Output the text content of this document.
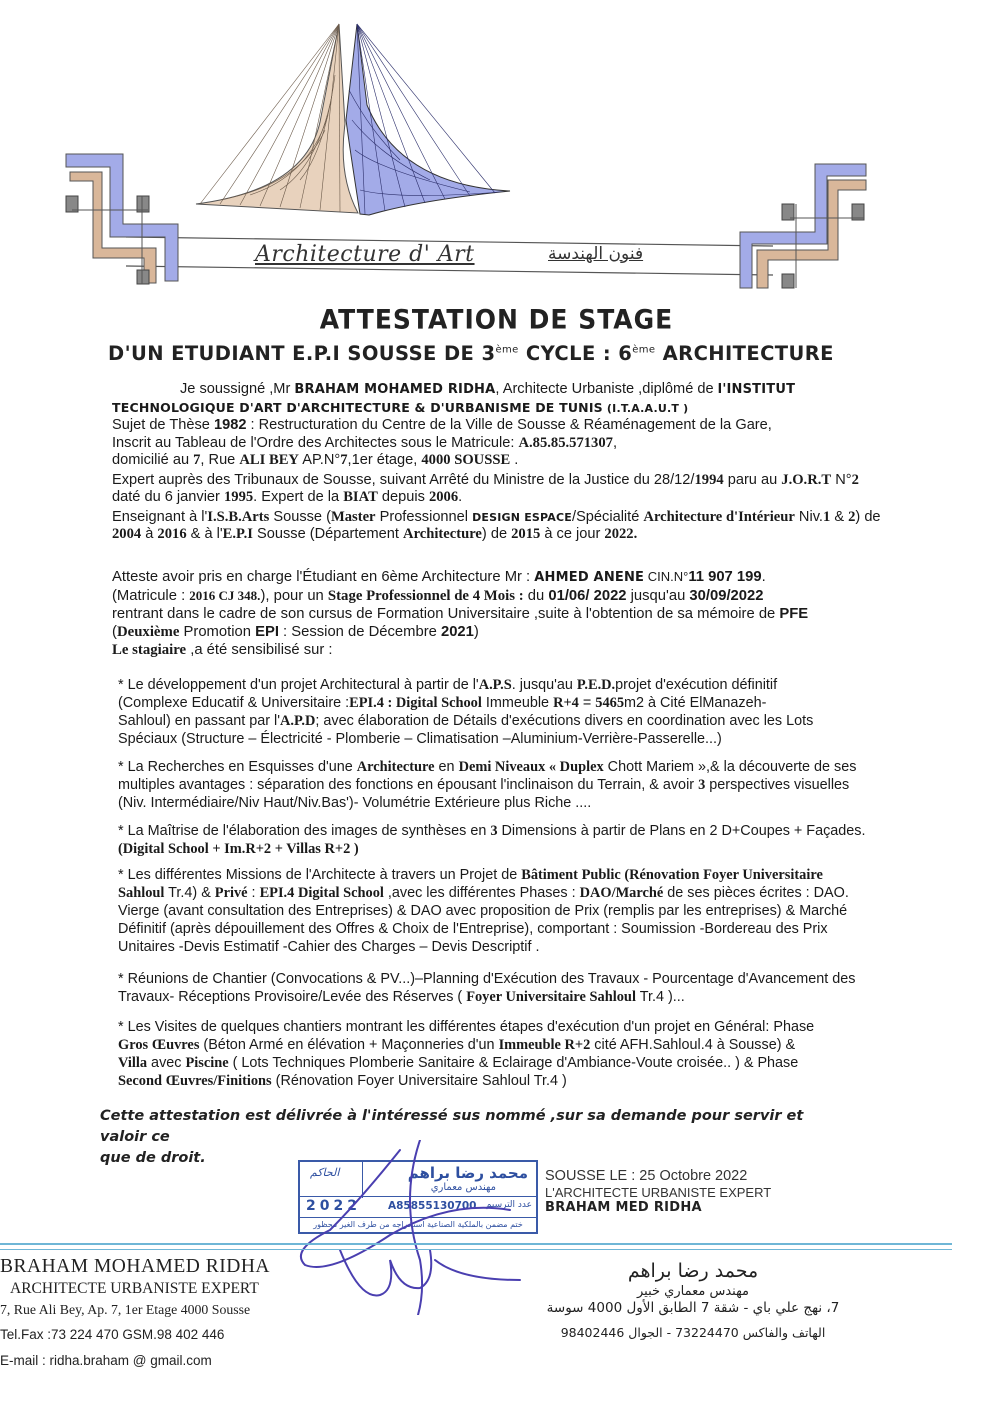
Architecture d' Art	فنون الهندسة
ATTESTATION DE STAGE
D'UN ETUDIANT E.P.I SOUSSE DE 3ème CYCLE : 6ème ARCHITECTURE
Je soussigné ,Mr BRAHAM MOHAMED RIDHA, Architecte Urbaniste ,diplômé de l'INSTITUT
TECHNOLOGIQUE D'ART D'ARCHITECTURE & D'URBANISME DE TUNIS (I.T.A.A.U.T )
Sujet de Thèse 1982 : Restructuration du Centre de la Ville de Sousse & Réaménagement de la Gare,
Inscrit au Tableau de l'Ordre des Architectes sous le Matricule: A.85.85.571307,
domicilié au 7, Rue ALI BEY AP.N°7,1er étage, 4000 SOUSSE .
Expert auprès des Tribunaux de Sousse, suivant Arrêté du Ministre de la Justice du 28/12/1994 paru au J.O.R.T N°2
daté du 6 janvier 1995. Expert de la BIAT depuis 2006.
Enseignant à l'I.S.B.Arts Sousse (Master Professionnel DESIGN ESPACE/Spécialité Architecture d'Intérieur Niv.1 & 2) de
2004 à 2016 & à l'E.P.I Sousse (Département Architecture) de 2015 à ce jour 2022.
Atteste avoir pris en charge l'Étudiant en 6ème Architecture Mr : AHMED ANENE CIN.N°11 907 199.
(Matricule : 2016 CJ 348.), pour un Stage Professionnel de 4 Mois : du 01/06/ 2022 jusqu'au 30/09/2022
rentrant dans le cadre de son cursus de Formation Universitaire ,suite à l'obtention de sa mémoire de PFE
(Deuxième Promotion EPI : Session de Décembre 2021)
Le stagiaire ,a été sensibilisé sur :
* Le développement d'un projet Architectural à partir de l'A.P.S. jusqu'au P.E.D.projet d'exécution définitif
(Complexe Educatif & Universitaire :EPI.4 : Digital School Immeuble R+4 = 5465m2 à Cité ElManazeh-
Sahloul) en passant par l'A.P.D; avec élaboration de Détails d'exécutions divers en coordination avec les Lots
Spéciaux (Structure – Électricité - Plomberie – Climatisation –Aluminium-Verrière-Passerelle...)
* La Recherches en Esquisses d'une Architecture en Demi Niveaux « Duplex Chott Mariem »,& la découverte de ses
multiples avantages : séparation des fonctions en épousant l'inclinaison du Terrain, & avoir 3 perspectives visuelles
(Niv. Intermédiaire/Niv Haut/Niv.Bas')- Volumétrie Extérieure plus Riche ....
* La Maîtrise de l'élaboration des images de synthèses en 3 Dimensions à partir de Plans en 2 D+Coupes + Façades.
(Digital School + Im.R+2 + Villas R+2 )
* Les différentes Missions de l'Architecte à travers un Projet de Bâtiment Public (Rénovation Foyer Universitaire
Sahloul Tr.4) & Privé : EPI.4 Digital School ,avec les différentes Phases : DAO/Marché de ses pièces écrites : DAO.
Vierge (avant consultation des Entreprises) & DAO avec proposition de Prix (remplis par les entreprises) & Marché
Définitif (après dépouillement des Offres & Choix de l'Entreprise), comportant : Soumission -Bordereau des Prix
Unitaires -Devis Estimatif -Cahier des Charges – Devis Descriptif .
* Réunions de Chantier (Convocations & PV...)–Planning d'Exécution des Travaux - Pourcentage d'Avancement des
Travaux- Réceptions Provisoire/Levée des Réserves ( Foyer Universitaire Sahloul Tr.4 )...
* Les Visites de quelques chantiers montrant les différentes étapes d'exécution d'un projet en Général: Phase
Gros Œuvres (Béton Armé en élévation + Maçonneries d'un Immeuble R+2 cité AFH.Sahloul.4 à Sousse) &
Villa avec Piscine ( Lots Techniques Plomberie Sanitaire & Eclairage d'Ambiance-Voute croisée.. ) & Phase
Second Œuvres/Finitions (Rénovation Foyer Universitaire Sahloul Tr.4 )
Cette attestation est délivrée à l'intéressé sus nommé ,sur sa demande pour servir et valoir ce
que de droit.
الحاكم	محمد رضا براهم
مهندس معماري
2022	A85855130700 عدد الترسيم
ختم مضمن بالملكية الصناعية استخراجه من طرف الغير محظور
SOUSSE LE : 25 Octobre 2022
L'ARCHITECTE URBANISTE EXPERT
BRAHAM MED RIDHA
BRAHAM MOHAMED RIDHA
ARCHITECTE URBANISTE EXPERT
7, Rue Ali Bey, Ap. 7, 1er Etage 4000 Sousse
Tel.Fax :73 224 470 GSM.98 402 446
E-mail : ridha.braham @ gmail.com
محمد رضا براهم
مهندس معماري خبير
7، نهج علي باي - شقة 7 الطابق الأول 4000 سوسة
الهاتف والفاكس 73224470 - الجوال 98402446
